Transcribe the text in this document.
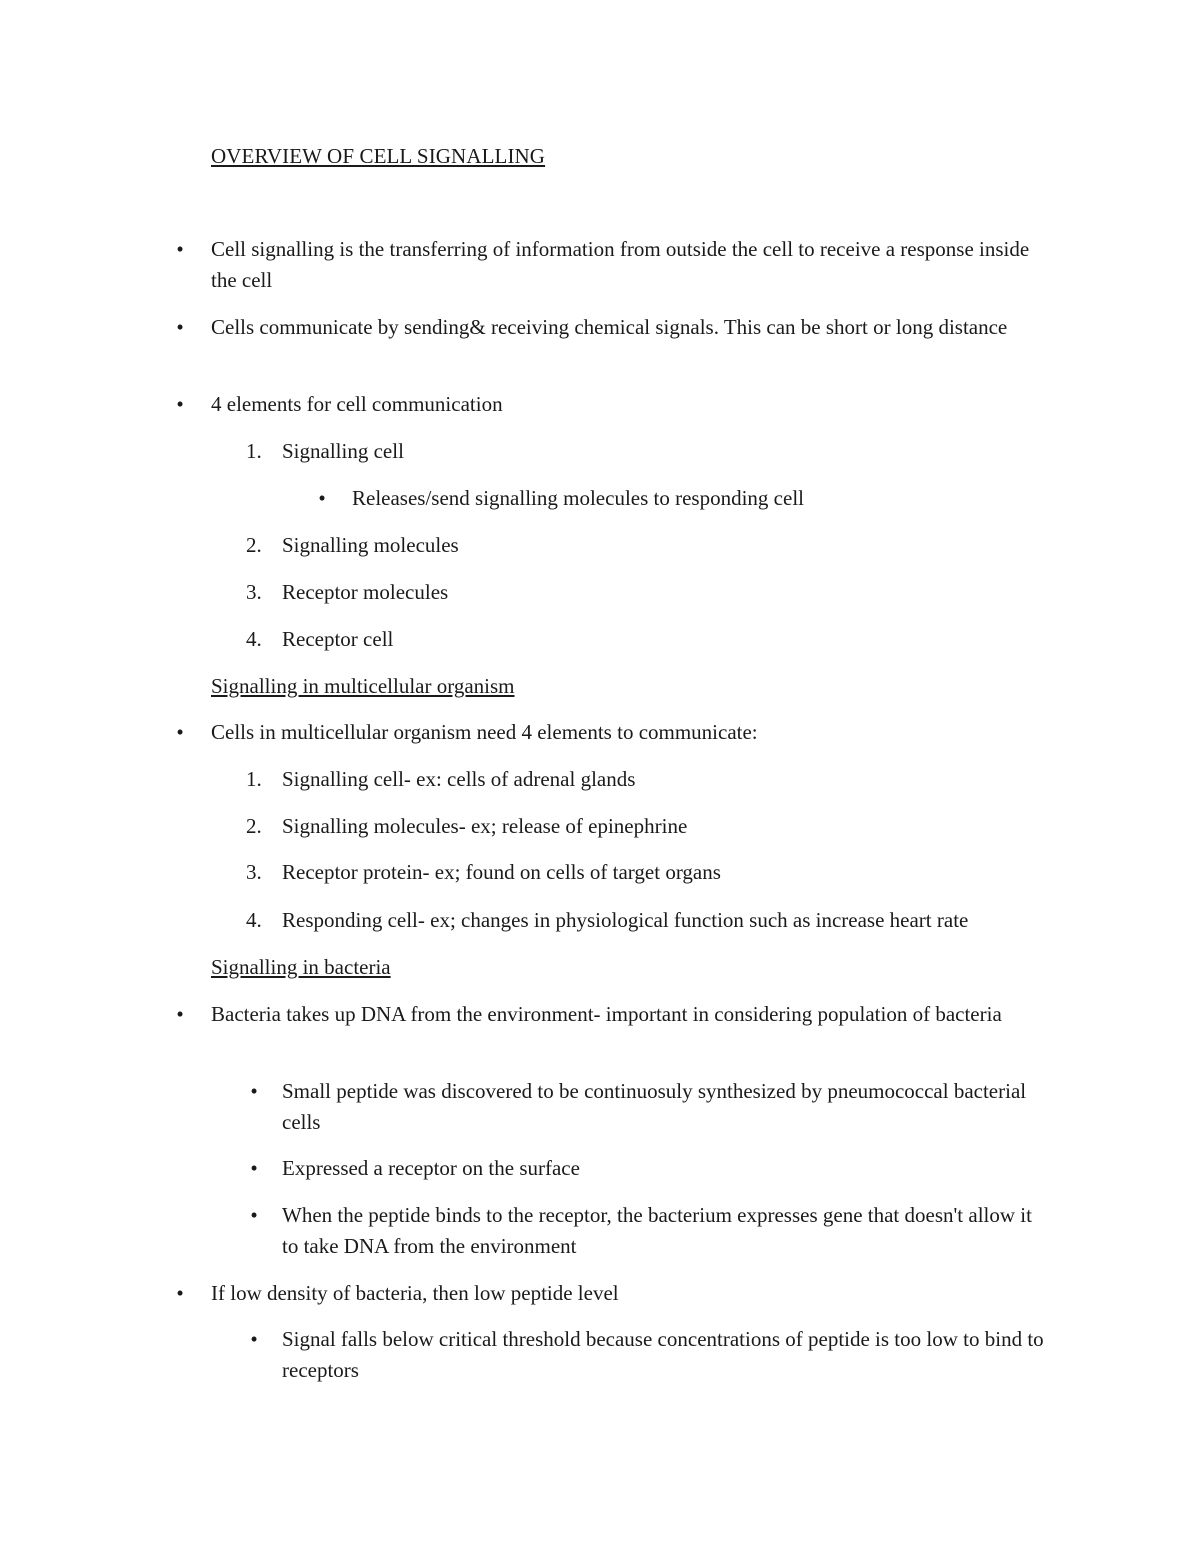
OVERVIEW OF CELL SIGNALLING
•	Cell signalling is the transferring of information from outside the cell to receive a response inside the cell
•	Cells communicate by sending& receiving chemical signals. This can be short or long distance
•	4 elements for cell communication
1. Signalling cell
•	Releases/send signalling molecules to responding cell
2. Signalling molecules
3. Receptor molecules
4. Receptor cell
Signalling in multicellular organism
•	Cells in multicellular organism need 4 elements to communicate:
1. Signalling cell- ex: cells of adrenal glands
2. Signalling molecules- ex; release of epinephrine
3. Receptor protein- ex; found on cells of target organs
4. Responding cell- ex; changes in physiological function such as increase heart rate
Signalling in bacteria
•	Bacteria takes up DNA from the environment- important in considering population of bacteria
•	Small peptide was discovered to be continuosuly synthesized by pneumococcal bacterial cells
•	Expressed a receptor on the surface
•	When the peptide binds to the receptor, the bacterium expresses gene that doesn't allow it to take DNA from the environment
•	If low density of bacteria, then low peptide level
•	Signal falls below critical threshold because concentrations of peptide is too low to bind to receptors
